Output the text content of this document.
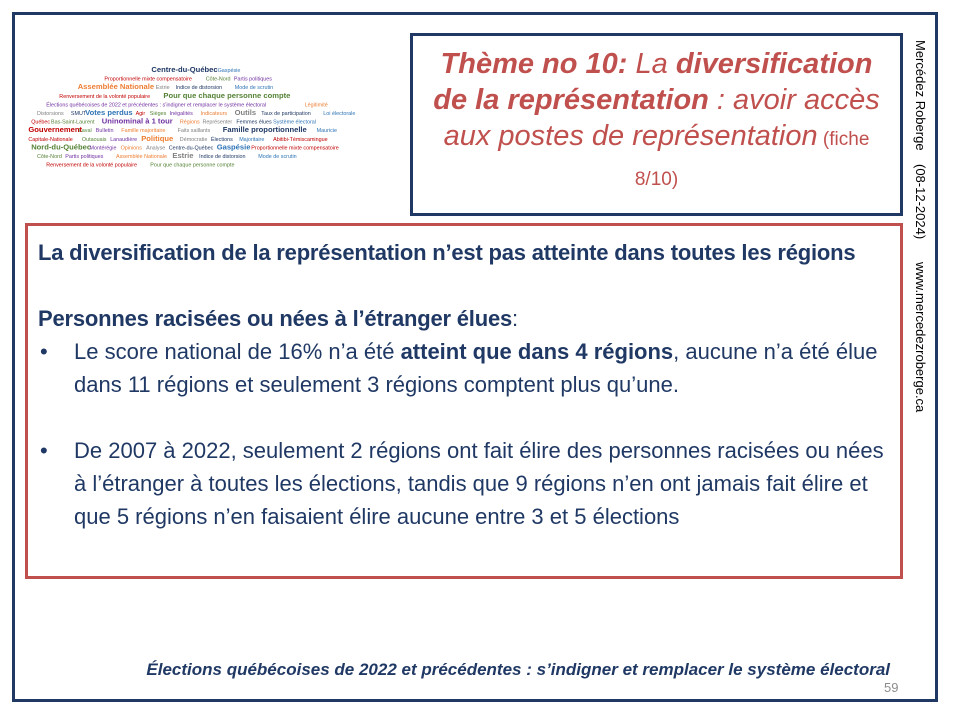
Centre-du-Québec Gaspésie
Proportionnelle mixte compensatoire	Côte-Nord Partis politiques
Assemblée Nationale Estrie Indice de distorsion Mode de scrutin
Renversement de la volonté populaire Pour que chaque personne compte
Élections québécoises de 2022 et précédentes : s’indigner et remplacer le système électoral	Légitimité
Distorsions SMUT
Votes perdus Agir Sièges Inégalités Indicateurs Outils Taux de participation Loi électorale
Québec Bas-Saint-Laurent Uninominal à 1 tour Régions Représenter Femmes élues Système électoral
Gouvernement
Laval Bulletin Famille majoritaire Faits saillants Famille proportionnelle Mauricie
Capitale-Nationale Outaouais Lanaudière Politique Démocratie Élections Majoritaire Abitibi-Témiscamingue
Nord-du-Québec
Montérégie Opinions Analyse Centre-du-Québec Gaspésie Proportionnelle mixte compensatoire
Côte-Nord Partis politiques Assemblée Nationale Estrie Indice de distorsion Mode de scrutin
Renversement de la volonté populaire Pour que chaque personne compte
Thème no 10: La diversification de la représentation : avoir accès aux postes de représentation (fiche 8/10)
Mercédez Roberge
(08-12-2024)
www.mercedezroberge.ca
La diversification de la représentation n’est pas atteinte dans toutes les régions
Personnes racisées ou nées à l’étranger élues:
• Le score national de 16% n’a été atteint que dans 4 régions, aucune n’a été élue dans 11 régions et seulement 3 régions comptent plus qu’une.
• De 2007 à 2022, seulement 2 régions ont fait élire des personnes racisées ou nées à l’étranger à toutes les élections, tandis que 9 régions n’en ont jamais fait élire et que 5 régions n’en faisaient élire aucune entre 3 et 5 élections
Élections québécoises de 2022 et précédentes : s’indigner et remplacer le système électoral
59
